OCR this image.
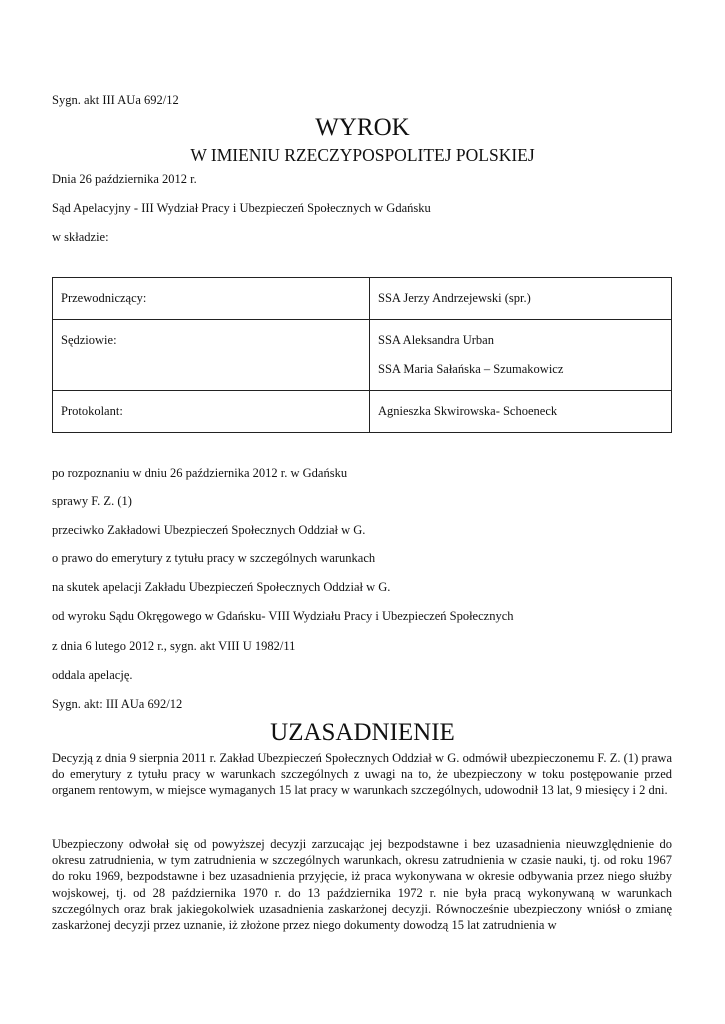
Sygn. akt III AUa 692/12
WYROK
W IMIENIU RZECZYPOSPOLITEJ POLSKIEJ
Dnia 26 października 2012 r.
Sąd Apelacyjny - III Wydział Pracy i Ubezpieczeń Społecznych w Gdańsku
w składzie:
Przewodniczący:	SSA Jerzy Andrzejewski (spr.)

Sędziowie:	SSA Aleksandra Urban
SSA Maria Sałańska – Szumakowicz

Protokolant:	Agnieszka Skwirowska- Schoeneck
po rozpoznaniu w dniu 26 października 2012 r. w Gdańsku
sprawy F. Z. (1)
przeciwko Zakładowi Ubezpieczeń Społecznych Oddział w G.
o prawo do emerytury z tytułu pracy w szczególnych warunkach
na skutek apelacji Zakładu Ubezpieczeń Społecznych Oddział w G.
od wyroku Sądu Okręgowego w Gdańsku- VIII Wydziału Pracy i Ubezpieczeń Społecznych
z dnia 6 lutego 2012 r., sygn. akt VIII U 1982/11
oddala apelację.
Sygn. akt: III AUa 692/12
UZASADNIENIE
Decyzją z dnia 9 sierpnia 2011 r. Zakład Ubezpieczeń Społecznych Oddział w G. odmówił ubezpieczonemu F. Z. (1) prawa do emerytury z tytułu pracy w warunkach szczególnych z uwagi na to, że ubezpieczony w toku postępowanie przed organem rentowym, w miejsce wymaganych 15 lat pracy w warunkach szczególnych, udowodnił 13 lat, 9 miesięcy i 2 dni.
Ubezpieczony odwołał się od powyższej decyzji zarzucając jej bezpodstawne i bez uzasadnienia nieuwzględnienie do okresu zatrudnienia, w tym zatrudnienia w szczególnych warunkach, okresu zatrudnienia w czasie nauki, tj. od roku 1967 do roku 1969, bezpodstawne i bez uzasadnienia przyjęcie, iż praca wykonywana w okresie odbywania przez niego służby wojskowej, tj. od 28 października 1970 r. do 13 października 1972 r. nie była pracą wykonywaną w warunkach szczególnych oraz brak jakiegokolwiek uzasadnienia zaskarżonej decyzji. Równocześnie ubezpieczony wniósł o zmianę zaskarżonej decyzji przez uznanie, iż złożone przez niego dokumenty dowodzą 15 lat zatrudnienia w
